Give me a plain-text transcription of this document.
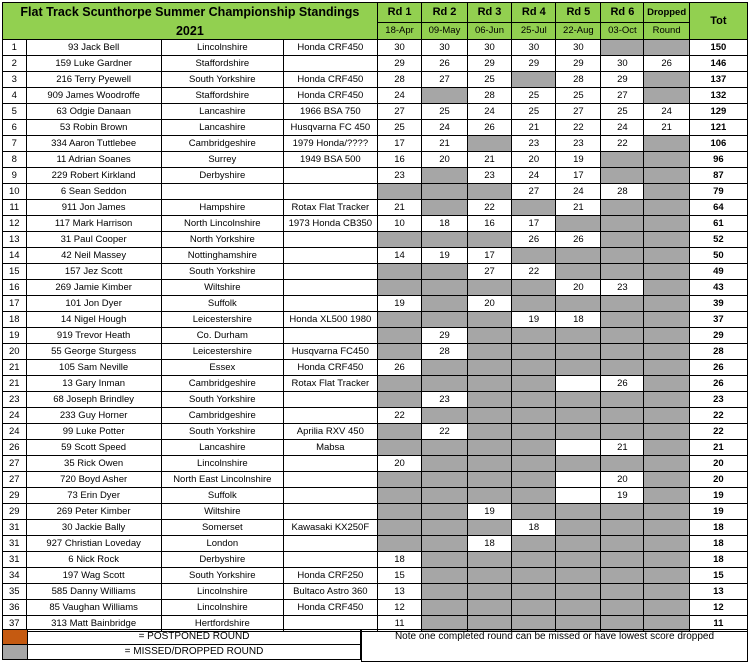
Flat Track Scunthorpe Summer Championship Standings				Rd 1	Rd 2	Rd 3	Rd 4	Rd 5	Rd 6	Dropped	Tot
2021				18-Apr	09-May	06-Jun	25-Jul	22-Aug	03-Oct	Round	
1	93 Jack Bell	Lincolnshire	Honda CRF450	30	30	30	30	30			150
2	159 Luke Gardner	Staffordshire		29	26	29	29	29	30	26	146
3	216 Terry Pyewell	South Yorkshire	Honda CRF450	28	27	25		28	29		137
4	909 James Woodroffe	Staffordshire	Honda CRF450	24		28	25	25	27		132
5	63 Odgie Danaan	Lancashire	1966 BSA 750	27	25	24	25	27	25	24	129
6	53 Robin Brown	Lancashire	Husqvarna FC 450	25	24	26	21	22	24	21	121
7	334 Aaron Tuttlebee	Cambridgeshire	1979 Honda/????	17	21		23	23	22		106
8	11 Adrian Soanes	Surrey	1949 BSA 500	16	20	21	20	19			96
9	229 Robert Kirkland	Derbyshire		23		23	24	17			87
10	6 Sean Seddon						27	24	28		79
11	911 Jon James	Hampshire	Rotax Flat Tracker	21		22		21			64
12	117 Mark Harrison	North Lincolnshire	1973 Honda CB350	10	18	16	17				61
13	31 Paul Cooper	North Yorkshire					26	26			52
14	42 Neil Massey	Nottinghamshire		14	19	17					50
15	157 Jez Scott	South Yorkshire				27	22				49
16	269 Jamie Kimber	Wiltshire						20	23		43
17	101 Jon Dyer	Suffolk		19		20					39
18	14 Nigel Hough	Leicestershire	Honda XL500 1980				19	18			37
19	919 Trevor Heath	Co. Durham			29						29
20	55 George Sturgess	Leicestershire	Husqvarna FC450		28						28
21	105 Sam Neville	Essex	Honda CRF450	26							26
21	13 Gary Inman	Cambridgeshire	Rotax Flat Tracker						26		26
23	68 Joseph Brindley	South Yorkshire			23						23
24	233 Guy Horner	Cambridgeshire		22							22
24	99 Luke Potter	South Yorkshire	Aprilia RXV 450		22						22
26	59 Scott Speed	Lancashire	Mabsa						21		21
27	35 Rick Owen	Lincolnshire		20							20
27	720 Boyd Asher	North East Lincolnshire							20		20
29	73 Erin Dyer	Suffolk							19		19
29	269 Peter Kimber	Wiltshire				19					19
31	30 Jackie Bally	Somerset	Kawasaki KX250F				18				18
31	927 Christian Loveday	London				18					18
31	6 Nick Rock	Derbyshire		18							18
34	197 Wag Scott	South Yorkshire	Honda CRF250	15							15
35	585 Danny Williams	Lincolnshire	Bultaco Astro 360	13							13
36	85 Vaughan Williams	Lincolnshire	Honda CRF450	12							12
37	313 Matt Bainbridge	Hertfordshire		11							11
= POSTPONED ROUND
= MISSED/DROPPED ROUND
Note one completed round can be missed or have lowest score dropped
